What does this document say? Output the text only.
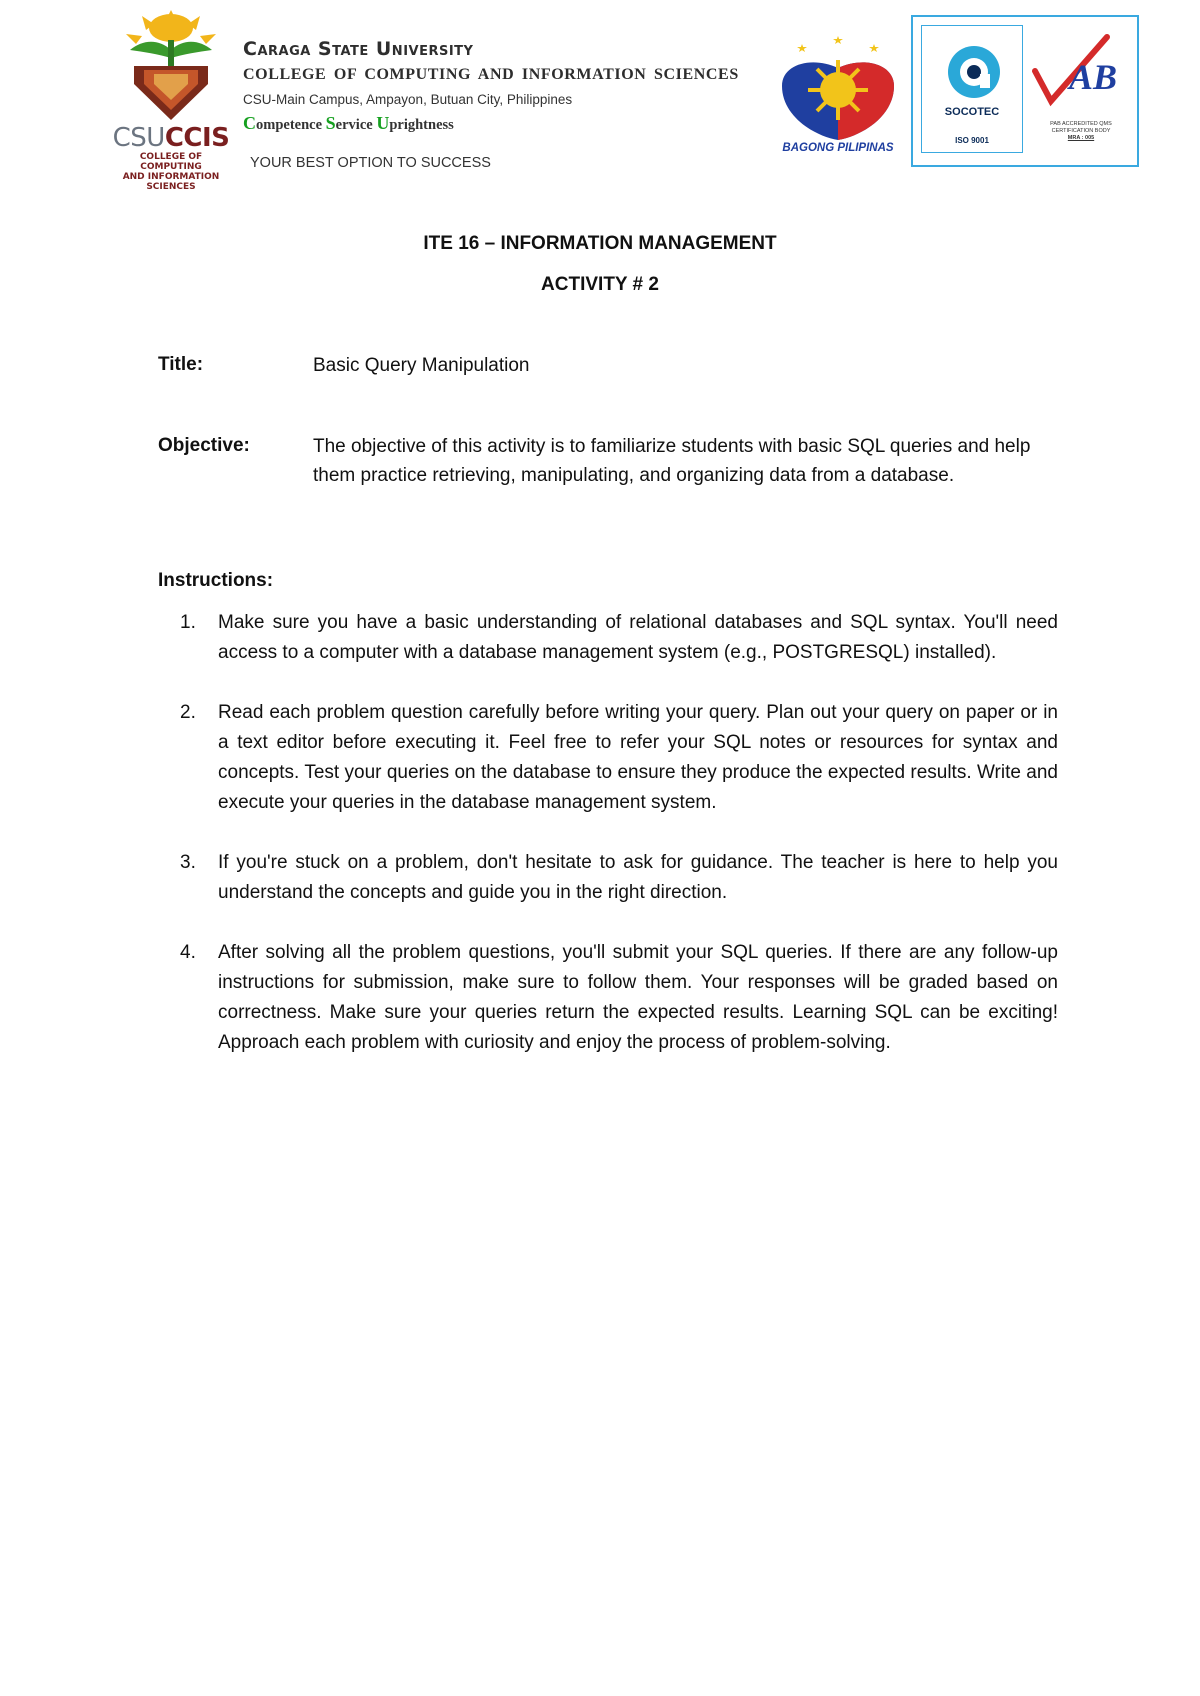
CSUCCIS
COLLEGE OF COMPUTING
AND INFORMATION SCIENCES
Caraga State University
COLLEGE OF COMPUTING AND INFORMATION SCIENCES
CSU-Main Campus, Ampayon, Butuan City, Philippines
Competence Service Uprightness
YOUR BEST OPTION TO SUCCESS
BAGONG PILIPINAS
SOCOTEC
ISO 9001
AB
PAB ACCREDITED QMS
CERTIFICATION BODY
MRA : 005
ITE 16 – INFORMATION MANAGEMENT
ACTIVITY # 2
Title:	Basic Query Manipulation
Objective:	The objective of this activity is to familiarize students with basic SQL queries and help them practice retrieving, manipulating, and organizing data from a database.
Instructions:
1. Make sure you have a basic understanding of relational databases and SQL syntax. You'll need access to a computer with a database management system (e.g., POSTGRESQL) installed).
2. Read each problem question carefully before writing your query. Plan out your query on paper or in a text editor before executing it. Feel free to refer your SQL notes or resources for syntax and concepts. Test your queries on the database to ensure they produce the expected results. Write and execute your queries in the database management system.
3. If you're stuck on a problem, don't hesitate to ask for guidance. The teacher is here to help you understand the concepts and guide you in the right direction.
4. After solving all the problem questions, you'll submit your SQL queries. If there are any follow-up instructions for submission, make sure to follow them. Your responses will be graded based on correctness. Make sure your queries return the expected results. Learning SQL can be exciting! Approach each problem with curiosity and enjoy the process of problem-solving.
